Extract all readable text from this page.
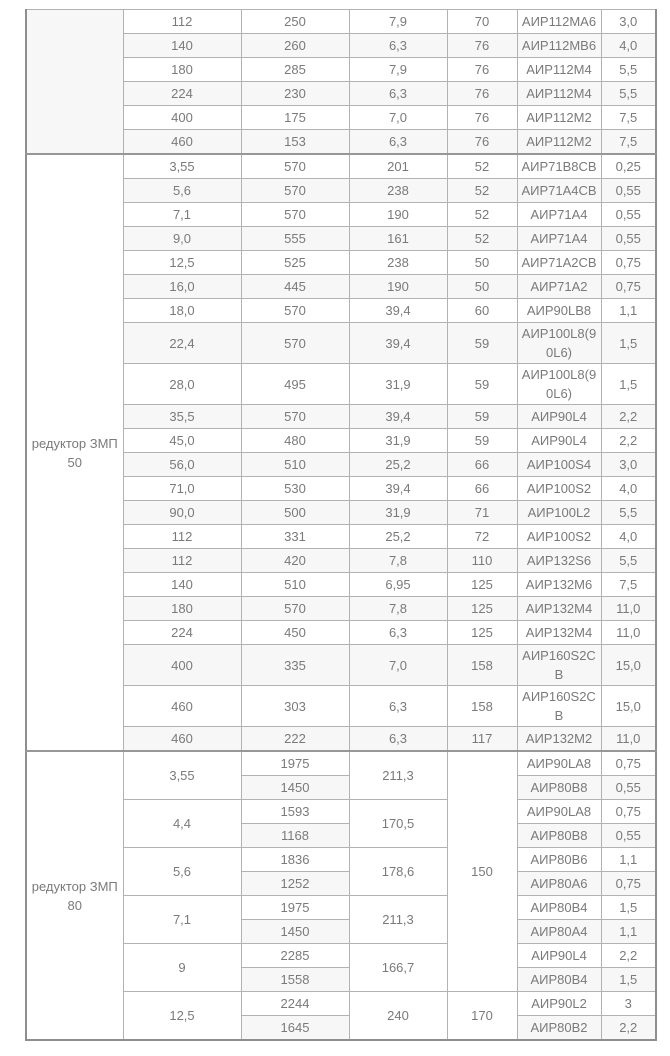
	112	250	7,9	70	АИР112МА6	3,0
	140	260	6,3	76	АИР112МВ6	4,0
	180	285	7,9	76	АИР112М4	5,5
	224	230	6,3	76	АИР112М4	5,5
	400	175	7,0	76	АИР112М2	7,5
	460	153	6,3	76	АИР112М2	7,5
редуктор ЗМП 50	3,55	570	201	52	АИР71В8СВ	0,25
	5,6	570	238	52	АИР71А4СВ	0,55
	7,1	570	190	52	АИР71А4	0,55
	9,0	555	161	52	АИР71А4	0,55
	12,5	525	238	50	АИР71А2СВ	0,75
	16,0	445	190	50	АИР71А2	0,75
	18,0	570	39,4	60	АИР90LВ8	1,1
	22,4	570	39,4	59	АИР100L8(90L6)	1,5
	28,0	495	31,9	59	АИР100L8(90L6)	1,5
	35,5	570	39,4	59	АИР90L4	2,2
	45,0	480	31,9	59	АИР90L4	2,2
	56,0	510	25,2	66	АИР100S4	3,0
	71,0	530	39,4	66	АИР100S2	4,0
	90,0	500	31,9	71	АИР100L2	5,5
	112	331	25,2	72	АИР100S2	4,0
	112	420	7,8	110	АИР132S6	5,5
	140	510	6,95	125	АИР132М6	7,5
	180	570	7,8	125	АИР132М4	11,0
	224	450	6,3	125	АИР132М4	11,0
	400	335	7,0	158	АИР160S2СВ	15,0
	460	303	6,3	158	АИР160S2СВ	15,0
	460	222	6,3	117	АИР132М2	11,0
редуктор ЗМП 80	3,55	1975	211,3	150	АИР90LА8	0,75
		1450			АИР80В8	0,55
	4,4	1593	170,5		АИР90LА8	0,75
		1168			АИР80В8	0,55
	5,6	1836	178,6		АИР80В6	1,1
		1252			АИР80А6	0,75
	7,1	1975	211,3		АИР80В4	1,5
		1450			АИР80А4	1,1
	9	2285	166,7		АИР90L4	2,2
		1558			АИР80В4	1,5
	12,5	2244	240	170	АИР90L2	3
		1645			АИР80В2	2,2
